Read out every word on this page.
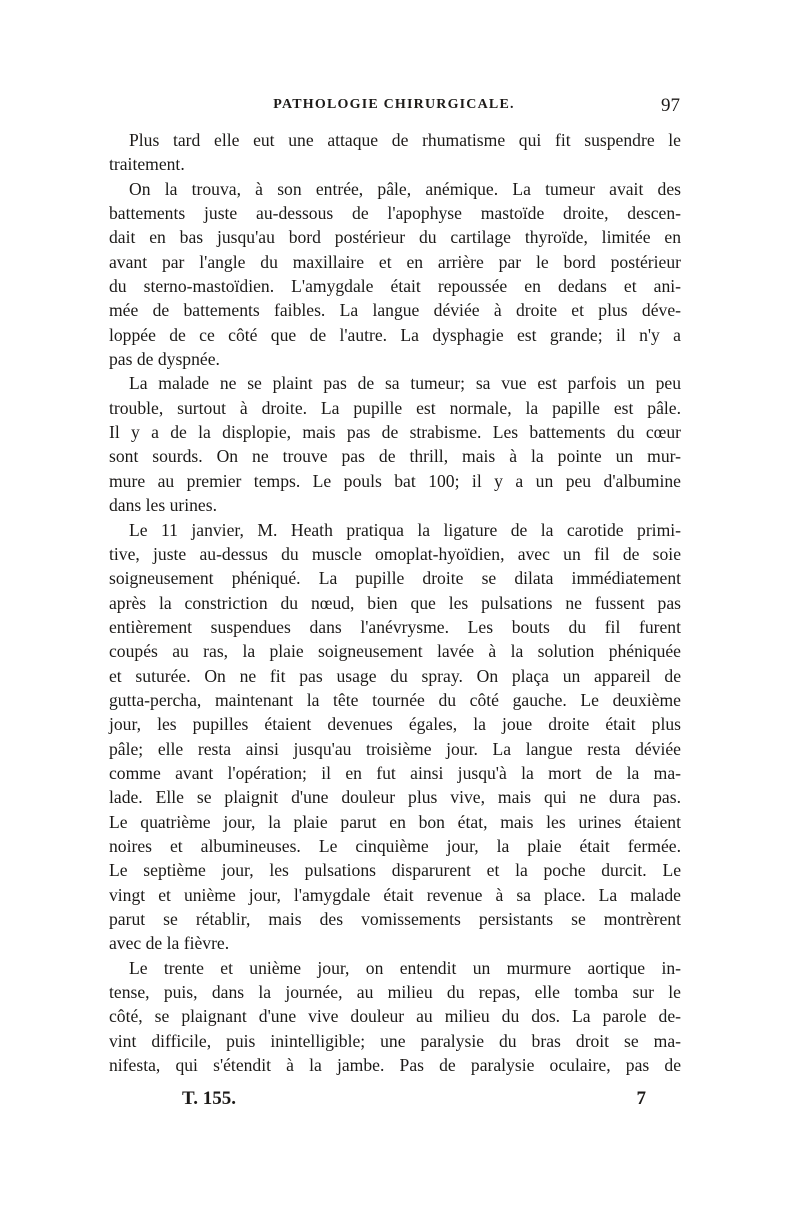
PATHOLOGIE CHIRURGICALE.	97
Plus tard elle eut une attaque de rhumatisme qui fit suspendre le
traitement.
On la trouva, à son entrée, pâle, anémique. La tumeur avait des
battements juste au-dessous de l'apophyse mastoïde droite, descen-
dait en bas jusqu'au bord postérieur du cartilage thyroïde, limitée en
avant par l'angle du maxillaire et en arrière par le bord postérieur
du sterno-mastoïdien. L'amygdale était repoussée en dedans et ani-
mée de battements faibles. La langue déviée à droite et plus déve-
loppée de ce côté que de l'autre. La dysphagie est grande; il n'y a
pas de dyspnée.
La malade ne se plaint pas de sa tumeur; sa vue est parfois un peu
trouble, surtout à droite. La pupille est normale, la papille est pâle.
Il y a de la displopie, mais pas de strabisme. Les battements du cœur
sont sourds. On ne trouve pas de thrill, mais à la pointe un mur-
mure au premier temps. Le pouls bat 100; il y a un peu d'albumine
dans les urines.
Le 11 janvier, M. Heath pratiqua la ligature de la carotide primi-
tive, juste au-dessus du muscle omoplat-hyoïdien, avec un fil de soie
soigneusement phéniqué. La pupille droite se dilata immédiatement
après la constriction du nœud, bien que les pulsations ne fussent pas
entièrement suspendues dans l'anévrysme. Les bouts du fil furent
coupés au ras, la plaie soigneusement lavée à la solution phéniquée
et suturée. On ne fit pas usage du spray. On plaça un appareil de
gutta-percha, maintenant la tête tournée du côté gauche. Le deuxième
jour, les pupilles étaient devenues égales, la joue droite était plus
pâle; elle resta ainsi jusqu'au troisième jour. La langue resta déviée
comme avant l'opération; il en fut ainsi jusqu'à la mort de la ma-
lade. Elle se plaignit d'une douleur plus vive, mais qui ne dura pas.
Le quatrième jour, la plaie parut en bon état, mais les urines étaient
noires et albumineuses. Le cinquième jour, la plaie était fermée.
Le septième jour, les pulsations disparurent et la poche durcit. Le
vingt et unième jour, l'amygdale était revenue à sa place. La malade
parut se rétablir, mais des vomissements persistants se montrèrent
avec de la fièvre.
Le trente et unième jour, on entendit un murmure aortique in-
tense, puis, dans la journée, au milieu du repas, elle tomba sur le
côté, se plaignant d'une vive douleur au milieu du dos. La parole de-
vint difficile, puis inintelligible; une paralysie du bras droit se ma-
nifesta, qui s'étendit à la jambe. Pas de paralysie oculaire, pas de
T. 155.	7
